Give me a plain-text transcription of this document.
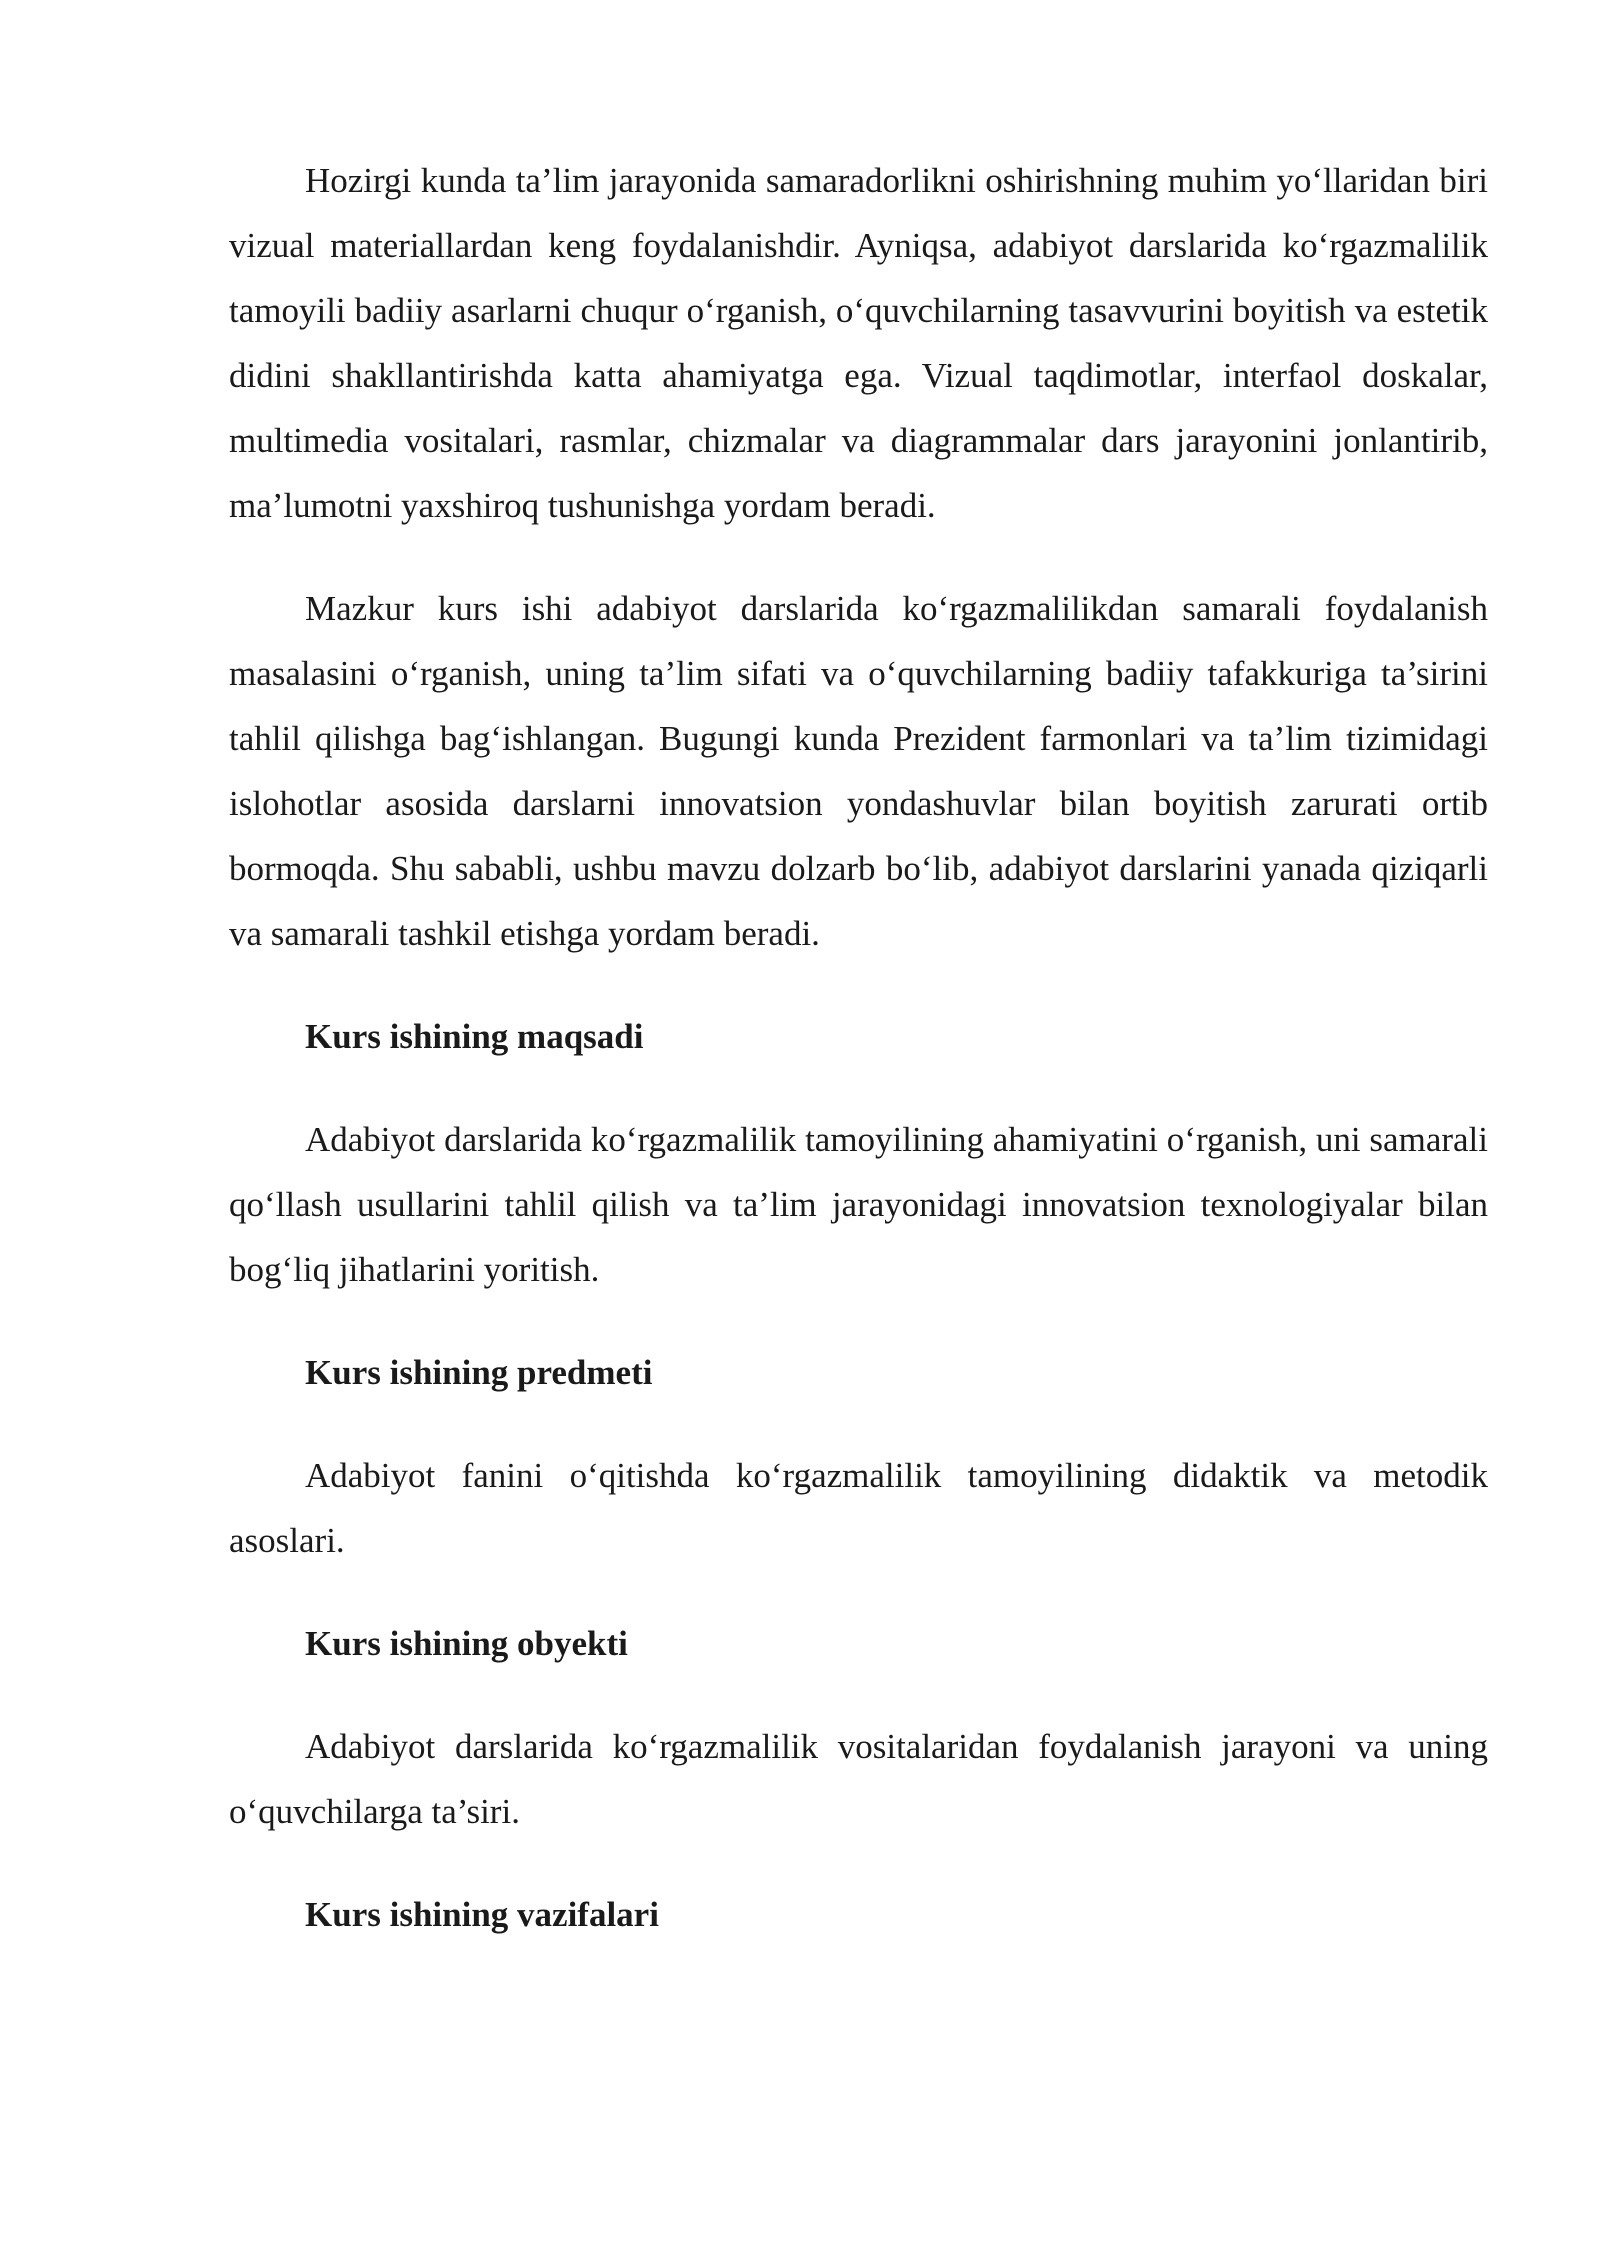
Hozirgi kunda ta’lim jarayonida samaradorlikni oshirishning muhim yo‘llaridan biri vizual materiallardan keng foydalanishdir. Ayniqsa, adabiyot darslarida ko‘rgazmalilik tamoyili badiiy asarlarni chuqur o‘rganish, o‘quvchilarning tasavvurini boyitish va estetik didini shakllantirishda katta ahamiyatga ega. Vizual taqdimotlar, interfaol doskalar, multimedia vositalari, rasmlar, chizmalar va diagrammalar dars jarayonini jonlantirib, ma’lumotni yaxshiroq tushunishga yordam beradi.

Mazkur kurs ishi adabiyot darslarida ko‘rgazmalilikdan samarali foydalanish masalasini o‘rganish, uning ta’lim sifati va o‘quvchilarning badiiy tafakkuriga ta’sirini tahlil qilishga bag‘ishlangan. Bugungi kunda Prezident farmonlari va ta’lim tizimidagi islohotlar asosida darslarni innovatsion yondashuvlar bilan boyitish zarurati ortib bormoqda. Shu sababli, ushbu mavzu dolzarb bo‘lib, adabiyot darslarini yanada qiziqarli va samarali tashkil etishga yordam beradi.

Kurs ishining maqsadi

Adabiyot darslarida ko‘rgazmalilik tamoyilining ahamiyatini o‘rganish, uni samarali qo‘llash usullarini tahlil qilish va ta’lim jarayonidagi innovatsion texnologiyalar bilan bog‘liq jihatlarini yoritish.

Kurs ishining predmeti

Adabiyot fanini o‘qitishda ko‘rgazmalilik tamoyilining didaktik va metodik asoslari.

Kurs ishining obyekti

Adabiyot darslarida ko‘rgazmalilik vositalaridan foydalanish jarayoni va uning o‘quvchilarga ta’siri.

Kurs ishining vazifalari
